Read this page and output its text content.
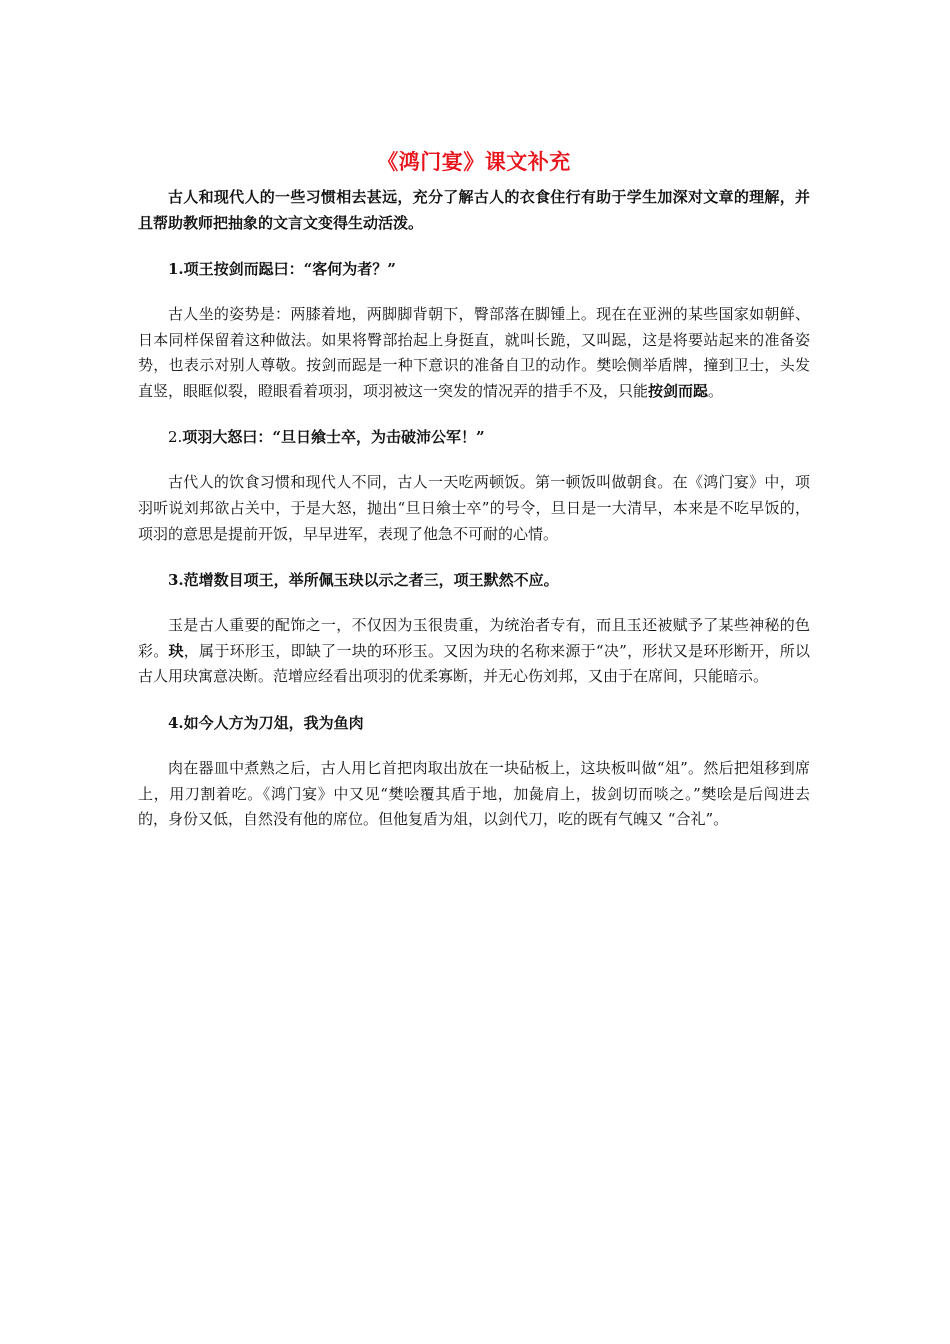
《鸿门宴》课文补充

古人和现代人的一些习惯相去甚远，充分了解古人的衣食住行有助于学生加深对文章的理解，并且帮助教师把抽象的文言文变得生动活泼。

1.项王按剑而跽曰：“客何为者？”

古人坐的姿势是：两膝着地，两脚脚背朝下，臀部落在脚锺上。现在在亚洲的某些国家如朝鲜、日本同样保留着这种做法。如果将臀部抬起上身挺直，就叫长跪，又叫跽，这是将要站起来的准备姿势，也表示对别人尊敬。按剑而跽是一种下意识的准备自卫的动作。樊哙侧举盾牌，撞到卫士，头发直竖，眼眶似裂，瞪眼看着项羽，项羽被这一突发的情况弄的措手不及，只能按剑而跽。

2.项羽大怒曰：“旦日飨士卒，为击破沛公军！”

古代人的饮食习惯和现代人不同，古人一天吃两顿饭。第一顿饭叫做朝食。在《鸿门宴》中，项羽听说刘邦欲占关中，于是大怒，抛出“旦日飨士卒”的号令，旦日是一大清早，本来是不吃早饭的，项羽的意思是提前开饭，早早进军，表现了他急不可耐的心情。

3.范增数目项王，举所佩玉玦以示之者三，项王默然不应。

玉是古人重要的配饰之一，不仅因为玉很贵重，为统治者专有，而且玉还被赋予了某些神秘的色彩。玦，属于环形玉，即缺了一块的环形玉。又因为玦的名称来源于“决”，形状又是环形断开，所以古人用玦寓意决断。范增应经看出项羽的优柔寡断，并无心伤刘邦，又由于在席间，只能暗示。

4.如今人方为刀俎，我为鱼肉

肉在器皿中煮熟之后，古人用匕首把肉取出放在一块砧板上，这块板叫做“俎”。然后把俎移到席上，用刀割着吃。《鸿门宴》中又见“樊哙覆其盾于地，加彘肩上，拔剑切而啖之。”樊哙是后闯进去的，身份又低，自然没有他的席位。但他复盾为俎，以剑代刀，吃的既有气魄又 “合礼”。
